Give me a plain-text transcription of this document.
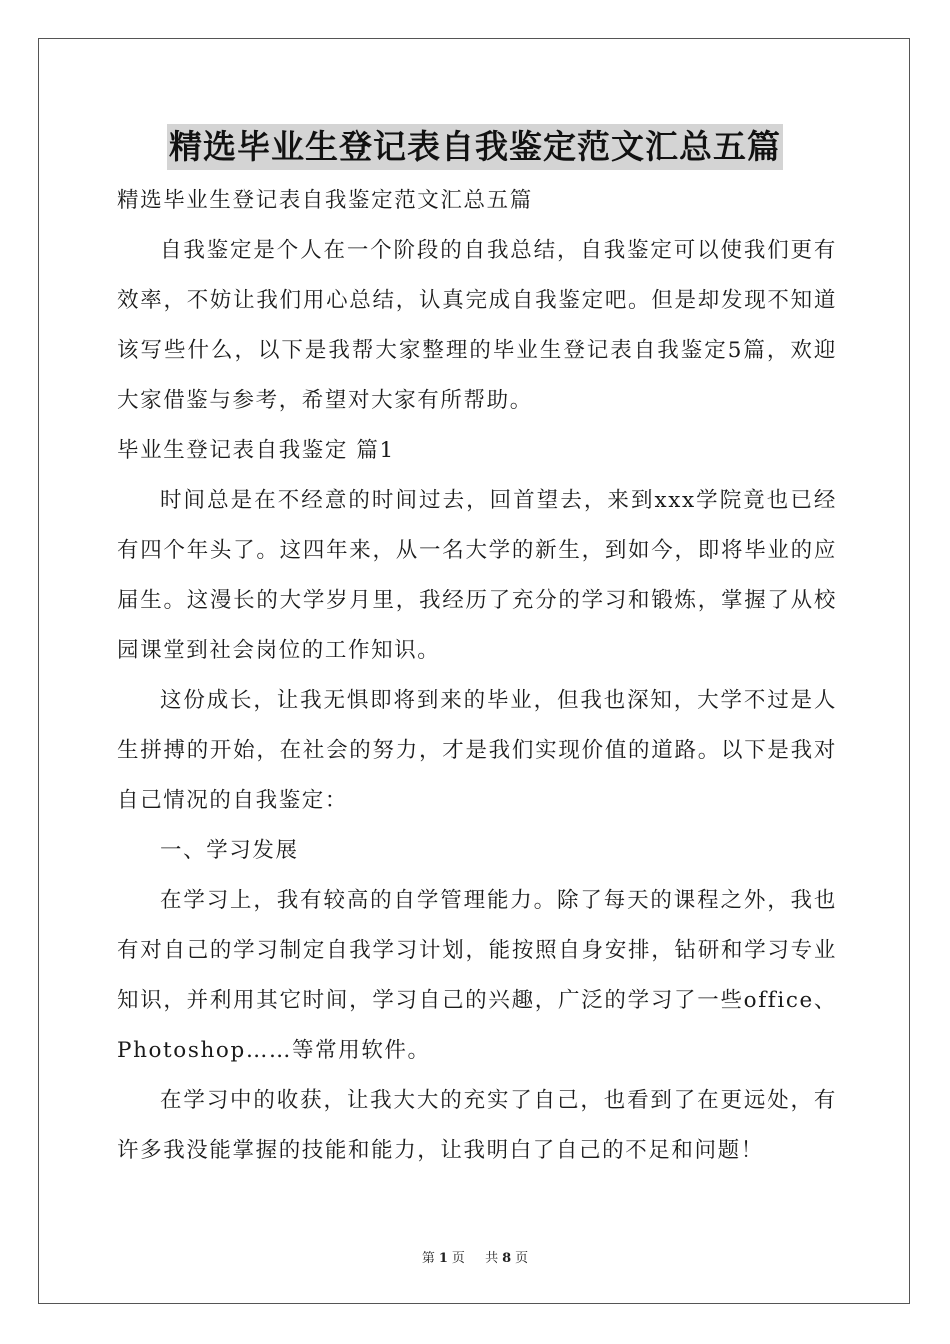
精选毕业生登记表自我鉴定范文汇总五篇

精选毕业生登记表自我鉴定范文汇总五篇

自我鉴定是个人在一个阶段的自我总结，自我鉴定可以使我们更有效率，不妨让我们用心总结，认真完成自我鉴定吧。但是却发现不知道该写些什么，以下是我帮大家整理的毕业生登记表自我鉴定5篇，欢迎大家借鉴与参考，希望对大家有所帮助。

毕业生登记表自我鉴定 篇1

时间总是在不经意的时间过去，回首望去，来到xxx学院竟也已经有四个年头了。这四年来，从一名大学的新生，到如今，即将毕业的应届生。这漫长的大学岁月里，我经历了充分的学习和锻炼，掌握了从校园课堂到社会岗位的工作知识。

这份成长，让我无惧即将到来的毕业，但我也深知，大学不过是人生拼搏的开始，在社会的努力，才是我们实现价值的道路。以下是我对自己情况的自我鉴定：

一、学习发展

在学习上，我有较高的自学管理能力。除了每天的课程之外，我也有对自己的学习制定自我学习计划，能按照自身安排，钻研和学习专业知识，并利用其它时间，学习自己的兴趣，广泛的学习了一些office、Photoshop……等常用软件。

在学习中的收获，让我大大的充实了自己，也看到了在更远处，有许多我没能掌握的技能和能力，让我明白了自己的不足和问题！

第 1 页 共 8 页
